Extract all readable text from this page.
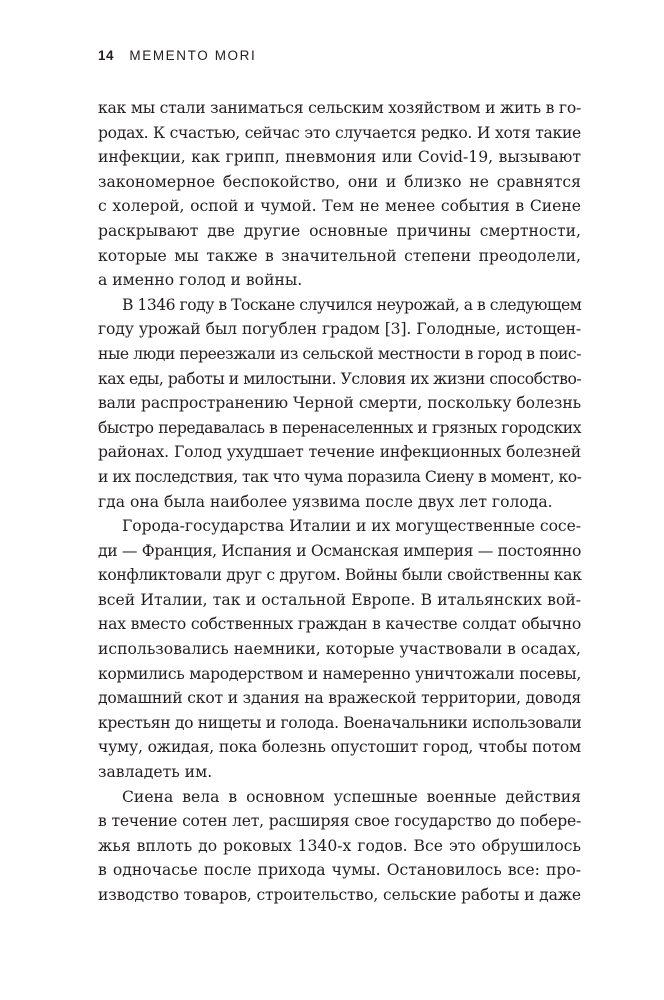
14 MEMENTO MORI
как мы стали заниматься сельским хозяйством и жить в го-
родах. К счастью, сейчас это случается редко. И хотя такие
инфекции, как грипп, пневмония или Covid-19, вызывают
закономерное беспокойство, они и близко не сравнятся
с холерой, оспой и чумой. Тем не менее события в Сиене
раскрывают две другие основные причины смертности,
которые мы также в значительной степени преодолели,
а именно голод и войны.
В 1346 году в Тоскане случился неурожай, а в следующем
году урожай был погублен градом [3]. Голодные, истощен-
ные люди переезжали из сельской местности в город в поис-
ках еды, работы и милостыни. Условия их жизни способство-
вали распространению Черной смерти, поскольку болезнь
быстро передавалась в перенаселенных и грязных городских
районах. Голод ухудшает течение инфекционных болезней
и их последствия, так что чума поразила Сиену в момент, ко-
гда она была наиболее уязвима после двух лет голода.
Города-государства Италии и их могущественные сосе-
ди — Франция, Испания и Османская империя — постоянно
конфликтовали друг с другом. Войны были свойственны как
всей Италии, так и остальной Европе. В итальянских вой-
нах вместо собственных граждан в качестве солдат обычно
использовались наемники, которые участвовали в осадах,
кормились мародерством и намеренно уничтожали посевы,
домашний скот и здания на вражеской территории, доводя
крестьян до нищеты и голода. Военачальники использовали
чуму, ожидая, пока болезнь опустошит город, чтобы потом
завладеть им.
Сиена вела в основном успешные военные действия
в течение сотен лет, расширяя свое государство до побере-
жья вплоть до роковых 1340-х годов. Все это обрушилось
в одночасье после прихода чумы. Остановилось все: про-
изводство товаров, строительство, сельские работы и даже
